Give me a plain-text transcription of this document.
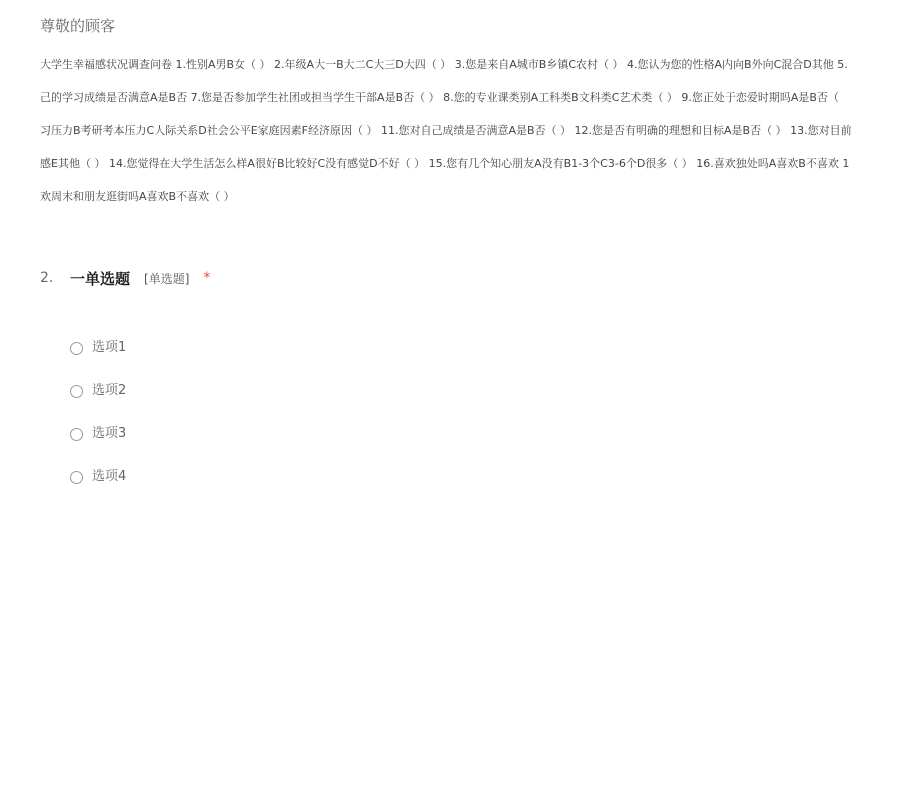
尊敬的顾客
大学生幸福感状况调查问卷 1.性别A男B女（ ） 2.年级A大一B大二C大三D大四（ ） 3.您是来自A城市B乡镇C农村（ ） 4.您认为您的性格A内向B外向C混合D其他 5.
己的学习成绩是否满意A是B否 7.您是否参加学生社团或担当学生干部A是B否（ ） 8.您的专业课类别A工科类B文科类C艺术类（ ） 9.您正处于恋爱时期吗A是B否（
习压力B考研考本压力C人际关系D社会公平E家庭因素F经济原因（ ） 11.您对自己成绩是否满意A是B否（ ） 12.您是否有明确的理想和目标A是B否（ ） 13.您对目前
感E其他（ ） 14.您觉得在大学生活怎么样A很好B比较好C没有感觉D不好（ ） 15.您有几个知心朋友A没有B1-3个C3-6个D很多（ ） 16.喜欢独处吗A喜欢B不喜欢 1
欢周末和朋友逛街吗A喜欢B不喜欢（ ）
2.	一单选题 [单选题] *
选项1
选项2
选项3
选项4
